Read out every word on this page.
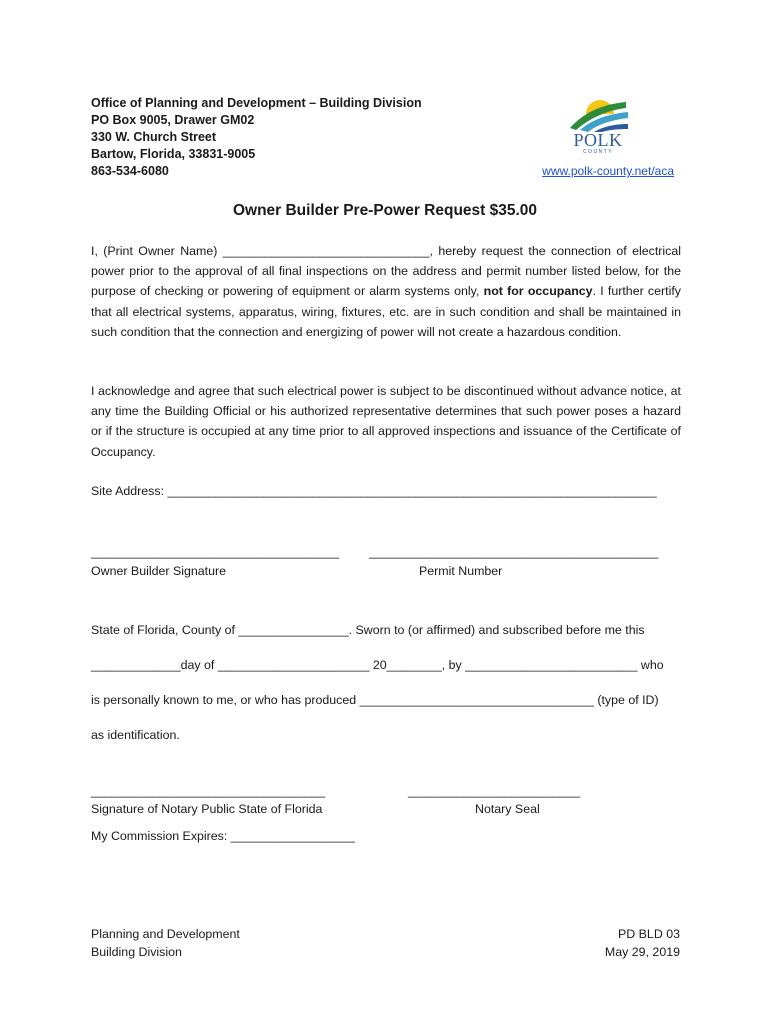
Office of Planning and Development – Building Division
PO Box 9005, Drawer GM02
330 W. Church Street
Bartow, Florida, 33831-9005
863-534-6080
POLK
COUNTY
www.polk-county.net/aca
Owner Builder Pre-Power Request $35.00
I, (Print Owner Name) ______________________________, hereby request the connection of electrical power prior to the approval of all final inspections on the address and permit number listed below, for the purpose of checking or powering of equipment or alarm systems only, not for occupancy. I further certify that all electrical systems, apparatus, wiring, fixtures, etc. are in such condition and shall be maintained in such condition that the connection and energizing of power will not create a hazardous condition.
I acknowledge and agree that such electrical power is subject to be discontinued without advance notice, at any time the Building Official or his authorized representative determines that such power poses a hazard or if the structure is occupied at any time prior to all approved inspections and issuance of the Certificate of Occupancy.
Site Address: _______________________________________________________________________
____________________________________ __________________________________________
Owner Builder Signature	Permit Number
State of Florida, County of ________________. Sworn to (or affirmed) and subscribed before me this
_____________day of ______________________ 20________, by _________________________ who
is personally known to me, or who has produced __________________________________ (type of ID)
as identification.
__________________________________	_________________________
Signature of Notary Public State of Florida	Notary Seal
My Commission Expires: __________________
Planning and Development
Building Division
PD BLD 03
May 29, 2019
